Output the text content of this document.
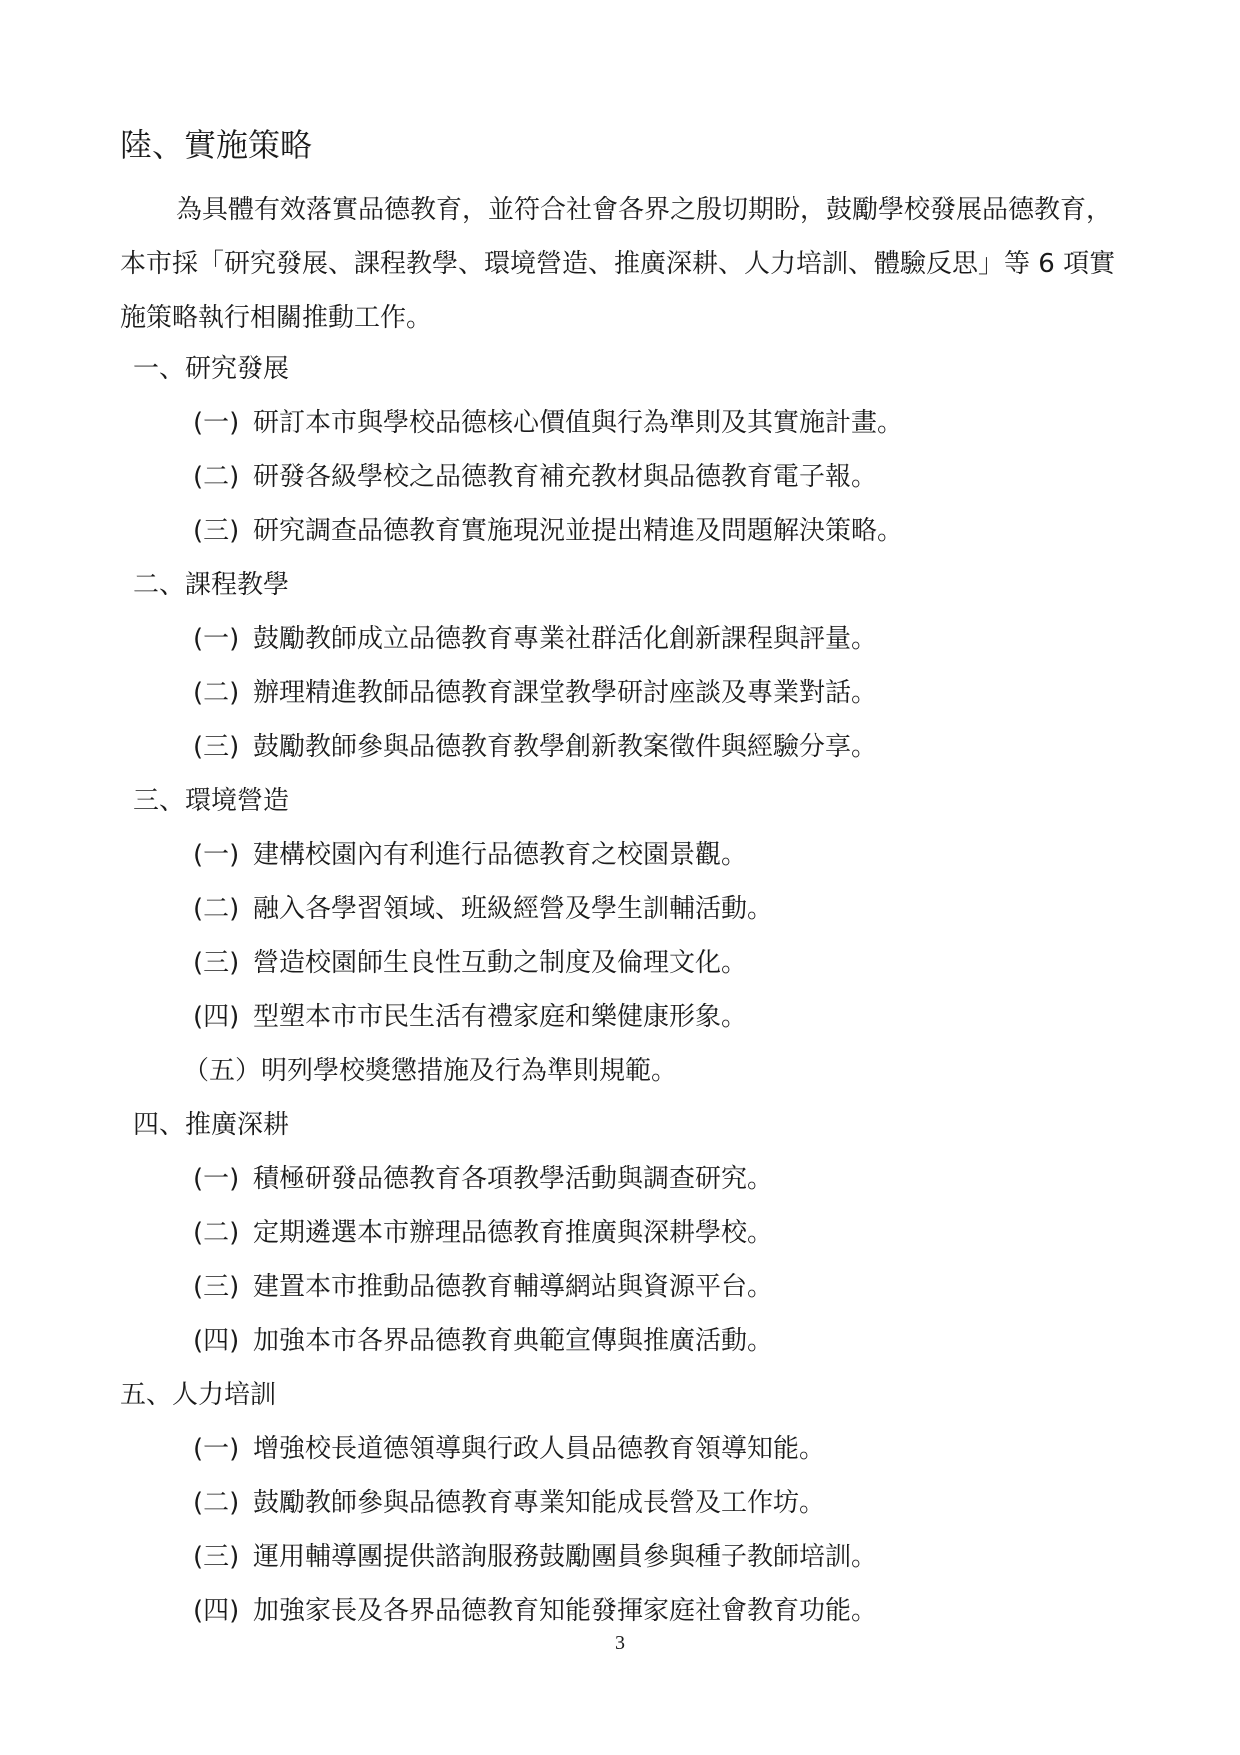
陸、實施策略

為具體有效落實品德教育，並符合社會各界之殷切期盼，鼓勵學校發展品德教育，本市採「研究發展、課程教學、環境營造、推廣深耕、人力培訓、體驗反思」等 6 項實施策略執行相關推動工作。

一、研究發展
(一) 研訂本市與學校品德核心價值與行為準則及其實施計畫。
(二) 研發各級學校之品德教育補充教材與品德教育電子報。
(三) 研究調查品德教育實施現況並提出精進及問題解決策略。
二、課程教學
(一) 鼓勵教師成立品德教育專業社群活化創新課程與評量。
(二) 辦理精進教師品德教育課堂教學研討座談及專業對話。
(三) 鼓勵教師參與品德教育教學創新教案徵件與經驗分享。
三、環境營造
(一) 建構校園內有利進行品德教育之校園景觀。
(二) 融入各學習領域、班級經營及學生訓輔活動。
(三) 營造校園師生良性互動之制度及倫理文化。
(四) 型塑本市市民生活有禮家庭和樂健康形象。
（五）明列學校獎懲措施及行為準則規範。
四、推廣深耕
(一) 積極研發品德教育各項教學活動與調查研究。
(二) 定期遴選本市辦理品德教育推廣與深耕學校。
(三) 建置本市推動品德教育輔導網站與資源平台。
(四) 加強本市各界品德教育典範宣傳與推廣活動。
五、人力培訓
(一) 增強校長道德領導與行政人員品德教育領導知能。
(二) 鼓勵教師參與品德教育專業知能成長營及工作坊。
(三) 運用輔導團提供諮詢服務鼓勵團員參與種子教師培訓。
(四) 加強家長及各界品德教育知能發揮家庭社會教育功能。
3
